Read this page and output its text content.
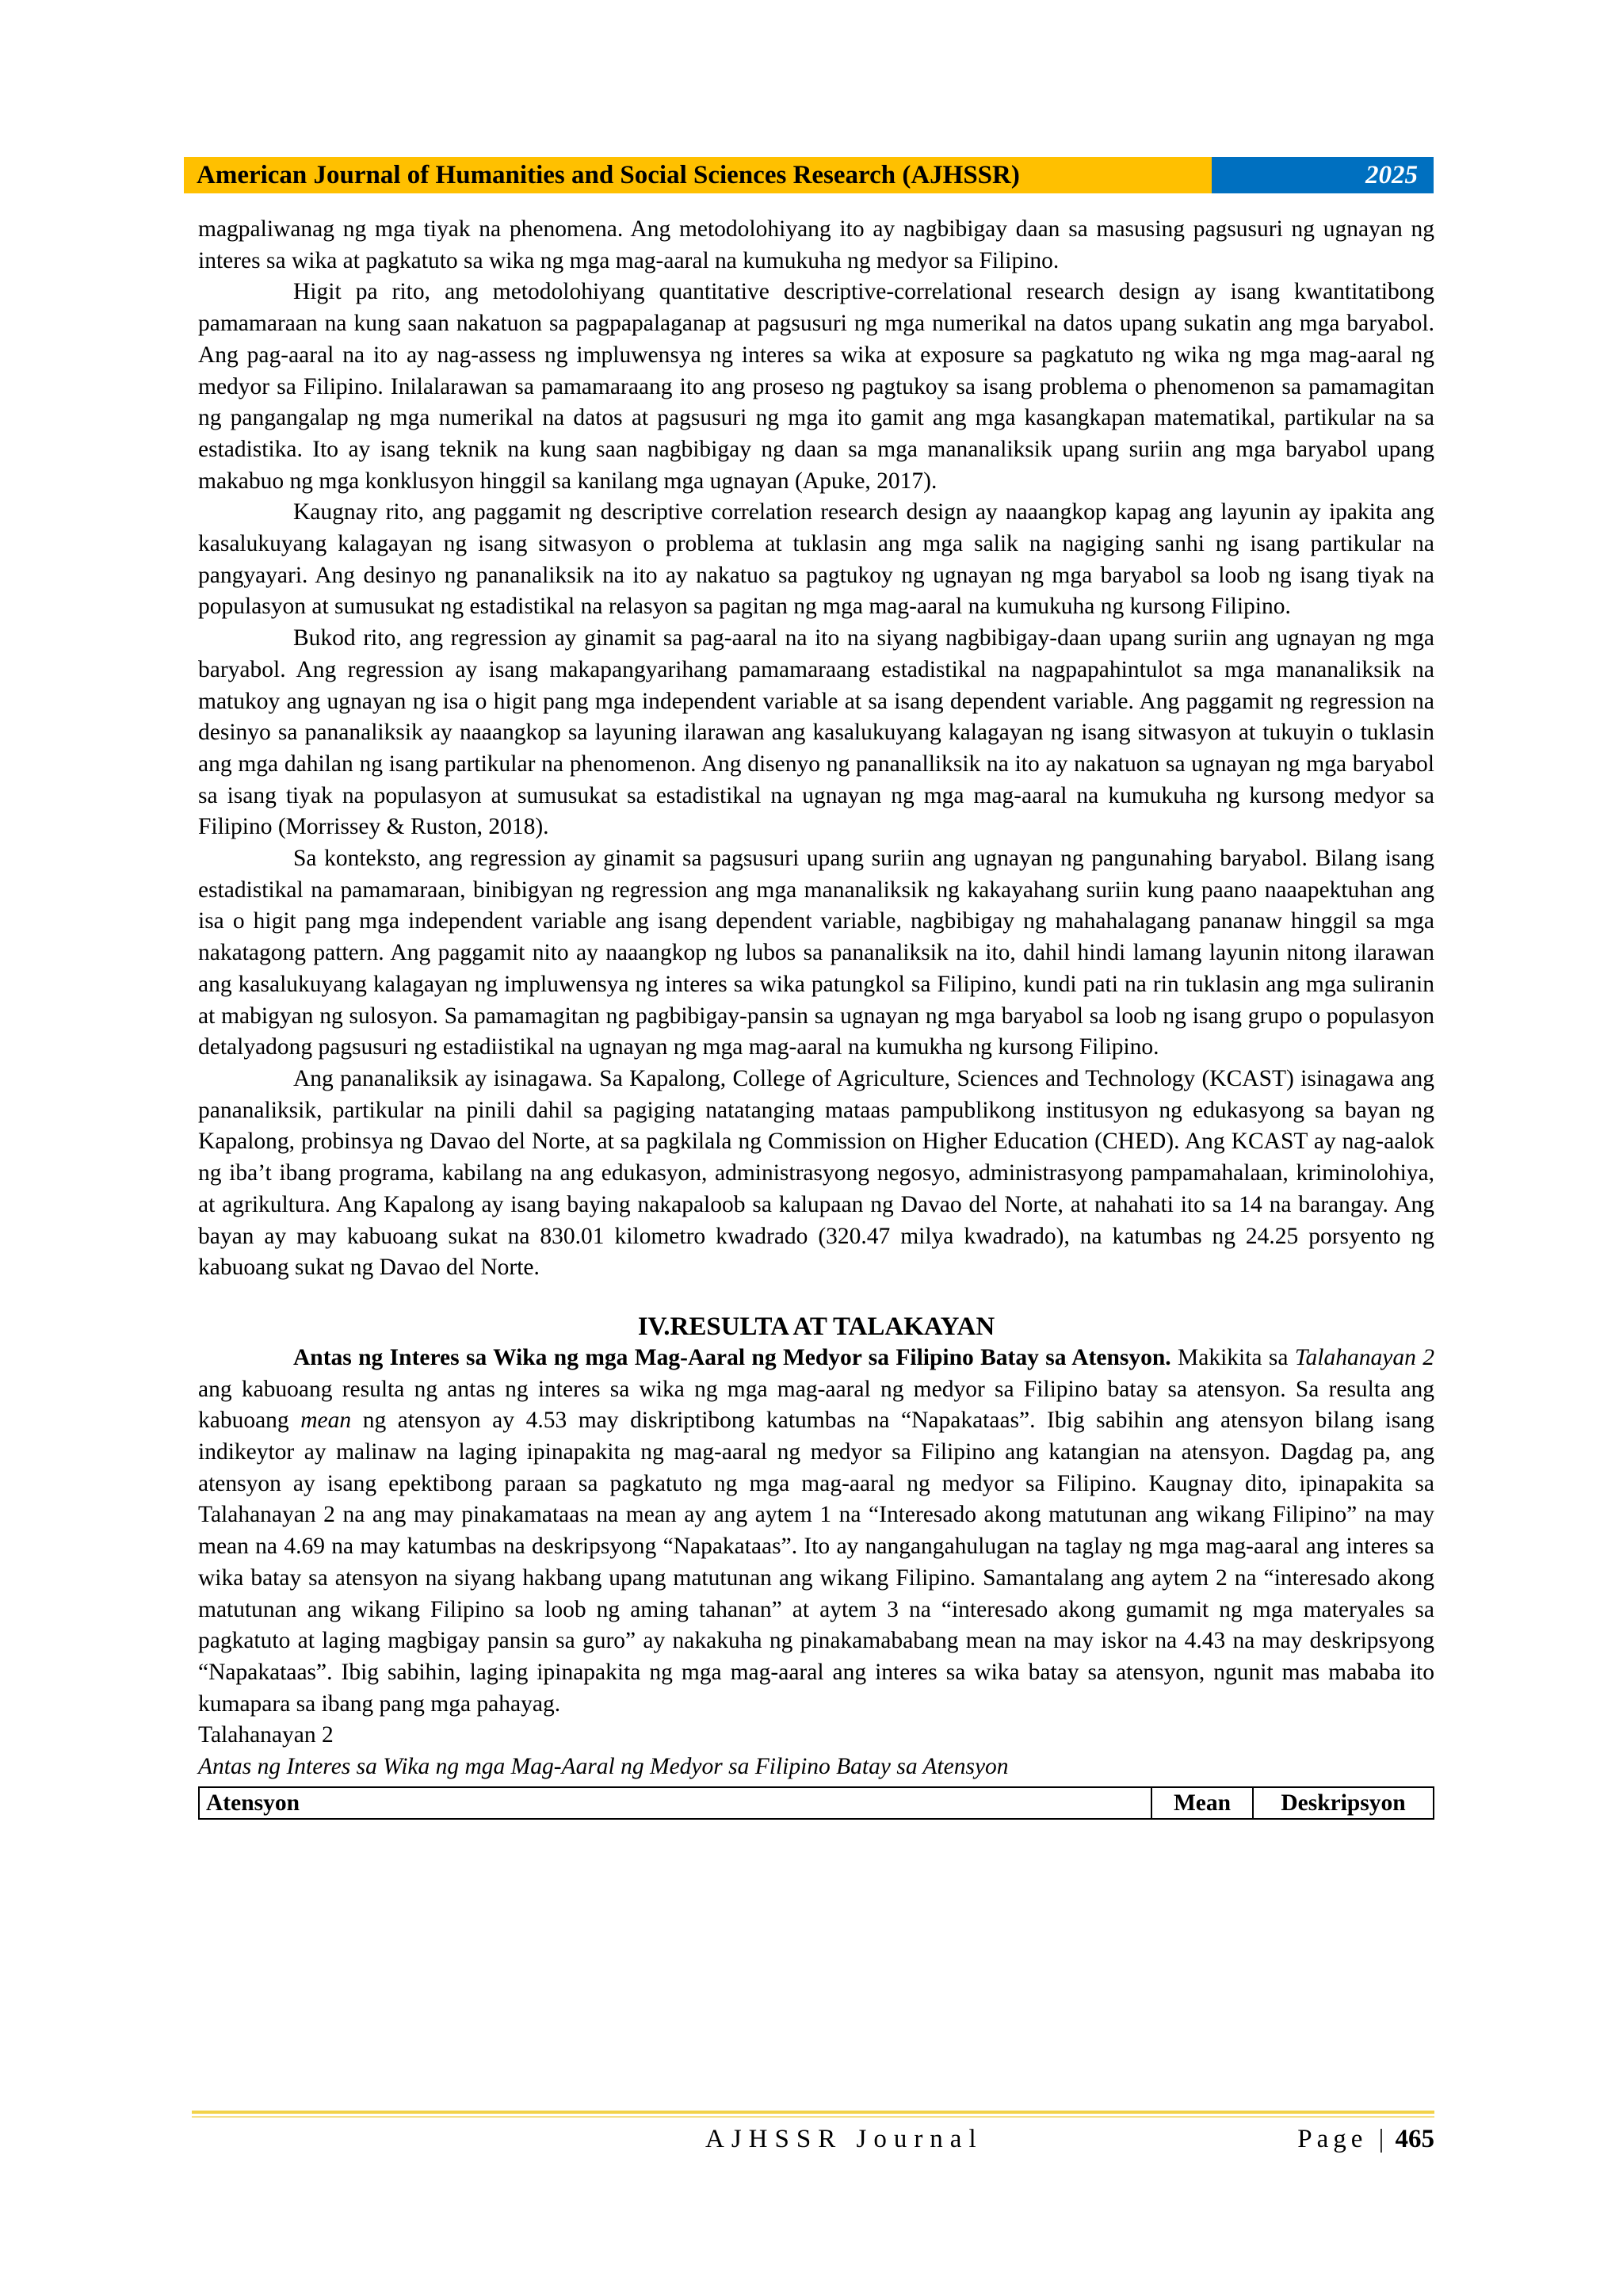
American Journal of Humanities and Social Sciences Research (AJHSSR)	2025

magpaliwanag ng mga tiyak na phenomena. Ang metodolohiyang ito ay nagbibigay daan sa masusing pagsusuri ng ugnayan ng interes sa wika at pagkatuto sa wika ng mga mag-aaral na kumukuha ng medyor sa Filipino.

Higit pa rito, ang metodolohiyang quantitative descriptive-correlational research design ay isang kwantitatibong pamamaraan na kung saan nakatuon sa pagpapalaganap at pagsusuri ng mga numerikal na datos upang sukatin ang mga baryabol. Ang pag-aaral na ito ay nag-assess ng impluwensya ng interes sa wika at exposure sa pagkatuto ng wika ng mga mag-aaral ng medyor sa Filipino. Inilalarawan sa pamamaraang ito ang proseso ng pagtukoy sa isang problema o phenomenon sa pamamagitan ng pangangalap ng mga numerikal na datos at pagsusuri ng mga ito gamit ang mga kasangkapan matematikal, partikular na sa estadistika. Ito ay isang teknik na kung saan nagbibigay ng daan sa mga mananaliksik upang suriin ang mga baryabol upang makabuo ng mga konklusyon hinggil sa kanilang mga ugnayan (Apuke, 2017).

Kaugnay rito, ang paggamit ng descriptive correlation research design ay naaangkop kapag ang layunin ay ipakita ang kasalukuyang kalagayan ng isang sitwasyon o problema at tuklasin ang mga salik na nagiging sanhi ng isang partikular na pangyayari. Ang desinyo ng pananaliksik na ito ay nakatuo sa pagtukoy ng ugnayan ng mga baryabol sa loob ng isang tiyak na populasyon at sumusukat ng estadistikal na relasyon sa pagitan ng mga mag-aaral na kumukuha ng kursong Filipino.

Bukod rito, ang regression ay ginamit sa pag-aaral na ito na siyang nagbibigay-daan upang suriin ang ugnayan ng mga baryabol. Ang regression ay isang makapangyarihang pamamaraang estadistikal na nagpapahintulot sa mga mananaliksik na matukoy ang ugnayan ng isa o higit pang mga independent variable at sa isang dependent variable. Ang paggamit ng regression na desinyo sa pananaliksik ay naaangkop sa layuning ilarawan ang kasalukuyang kalagayan ng isang sitwasyon at tukuyin o tuklasin ang mga dahilan ng isang partikular na phenomenon. Ang disenyo ng pananalliksik na ito ay nakatuon sa ugnayan ng mga baryabol sa isang tiyak na populasyon at sumusukat sa estadistikal na ugnayan ng mga mag-aaral na kumukuha ng kursong medyor sa Filipino (Morrissey & Ruston, 2018).

Sa konteksto, ang regression ay ginamit sa pagsusuri upang suriin ang ugnayan ng pangunahing baryabol. Bilang isang estadistikal na pamamaraan, binibigyan ng regression ang mga mananaliksik ng kakayahang suriin kung paano naaapektuhan ang isa o higit pang mga independent variable ang isang dependent variable, nagbibigay ng mahahalagang pananaw hinggil sa mga nakatagong pattern. Ang paggamit nito ay naaangkop ng lubos sa pananaliksik na ito, dahil hindi lamang layunin nitong ilarawan ang kasalukuyang kalagayan ng impluwensya ng interes sa wika patungkol sa Filipino, kundi pati na rin tuklasin ang mga suliranin at mabigyan ng sulosyon. Sa pamamagitan ng pagbibigay-pansin sa ugnayan ng mga baryabol sa loob ng isang grupo o populasyon detalyadong pagsusuri ng estadiistikal na ugnayan ng mga mag-aaral na kumukha ng kursong Filipino.

Ang pananaliksik ay isinagawa. Sa Kapalong, College of Agriculture, Sciences and Technology (KCAST) isinagawa ang pananaliksik, partikular na pinili dahil sa pagiging natatanging mataas pampublikong institusyon ng edukasyong sa bayan ng Kapalong, probinsya ng Davao del Norte, at sa pagkilala ng Commission on Higher Education (CHED). Ang KCAST ay nag-aalok ng iba’t ibang programa, kabilang na ang edukasyon, administrasyong negosyo, administrasyong pampamahalaan, kriminolohiya, at agrikultura. Ang Kapalong ay isang baying nakapaloob sa kalupaan ng Davao del Norte, at nahahati ito sa 14 na barangay. Ang bayan ay may kabuoang sukat na 830.01 kilometro kwadrado (320.47 milya kwadrado), na katumbas ng 24.25 porsyento ng kabuoang sukat ng Davao del Norte.

IV.RESULTA AT TALAKAYAN

Antas ng Interes sa Wika ng mga Mag-Aaral ng Medyor sa Filipino Batay sa Atensyon. Makikita sa Talahanayan 2 ang kabuoang resulta ng antas ng interes sa wika ng mga mag-aaral ng medyor sa Filipino batay sa atensyon. Sa resulta ang kabuoang mean ng atensyon ay 4.53 may diskriptibong katumbas na “Napakataas”. Ibig sabihin ang atensyon bilang isang indikeytor ay malinaw na laging ipinapakita ng mag-aaral ng medyor sa Filipino ang katangian na atensyon. Dagdag pa, ang atensyon ay isang epektibong paraan sa pagkatuto ng mga mag-aaral ng medyor sa Filipino. Kaugnay dito, ipinapakita sa Talahanayan 2 na ang may pinakamataas na mean ay ang aytem 1 na “Interesado akong matutunan ang wikang Filipino” na may mean na 4.69 na may katumbas na deskripsyong “Napakataas”. Ito ay nangangahulugan na taglay ng mga mag-aaral ang interes sa wika batay sa atensyon na siyang hakbang upang matutunan ang wikang Filipino. Samantalang ang aytem 2 na “interesado akong matutunan ang wikang Filipino sa loob ng aming tahanan” at aytem 3 na “interesado akong gumamit ng mga materyales sa pagkatuto at laging magbigay pansin sa guro” ay nakakuha ng pinakamababang mean na may iskor na 4.43 na may deskripsyong “Napakataas”. Ibig sabihin, laging ipinapakita ng mga mag-aaral ang interes sa wika batay sa atensyon, ngunit mas mababa ito kumapara sa ibang pang mga pahayag.

Talahanayan 2

Antas ng Interes sa Wika ng mga Mag-Aaral ng Medyor sa Filipino Batay sa Atensyon

Atensyon	Mean	Deskripsyon
AJHSSR Journal	Page | 465
